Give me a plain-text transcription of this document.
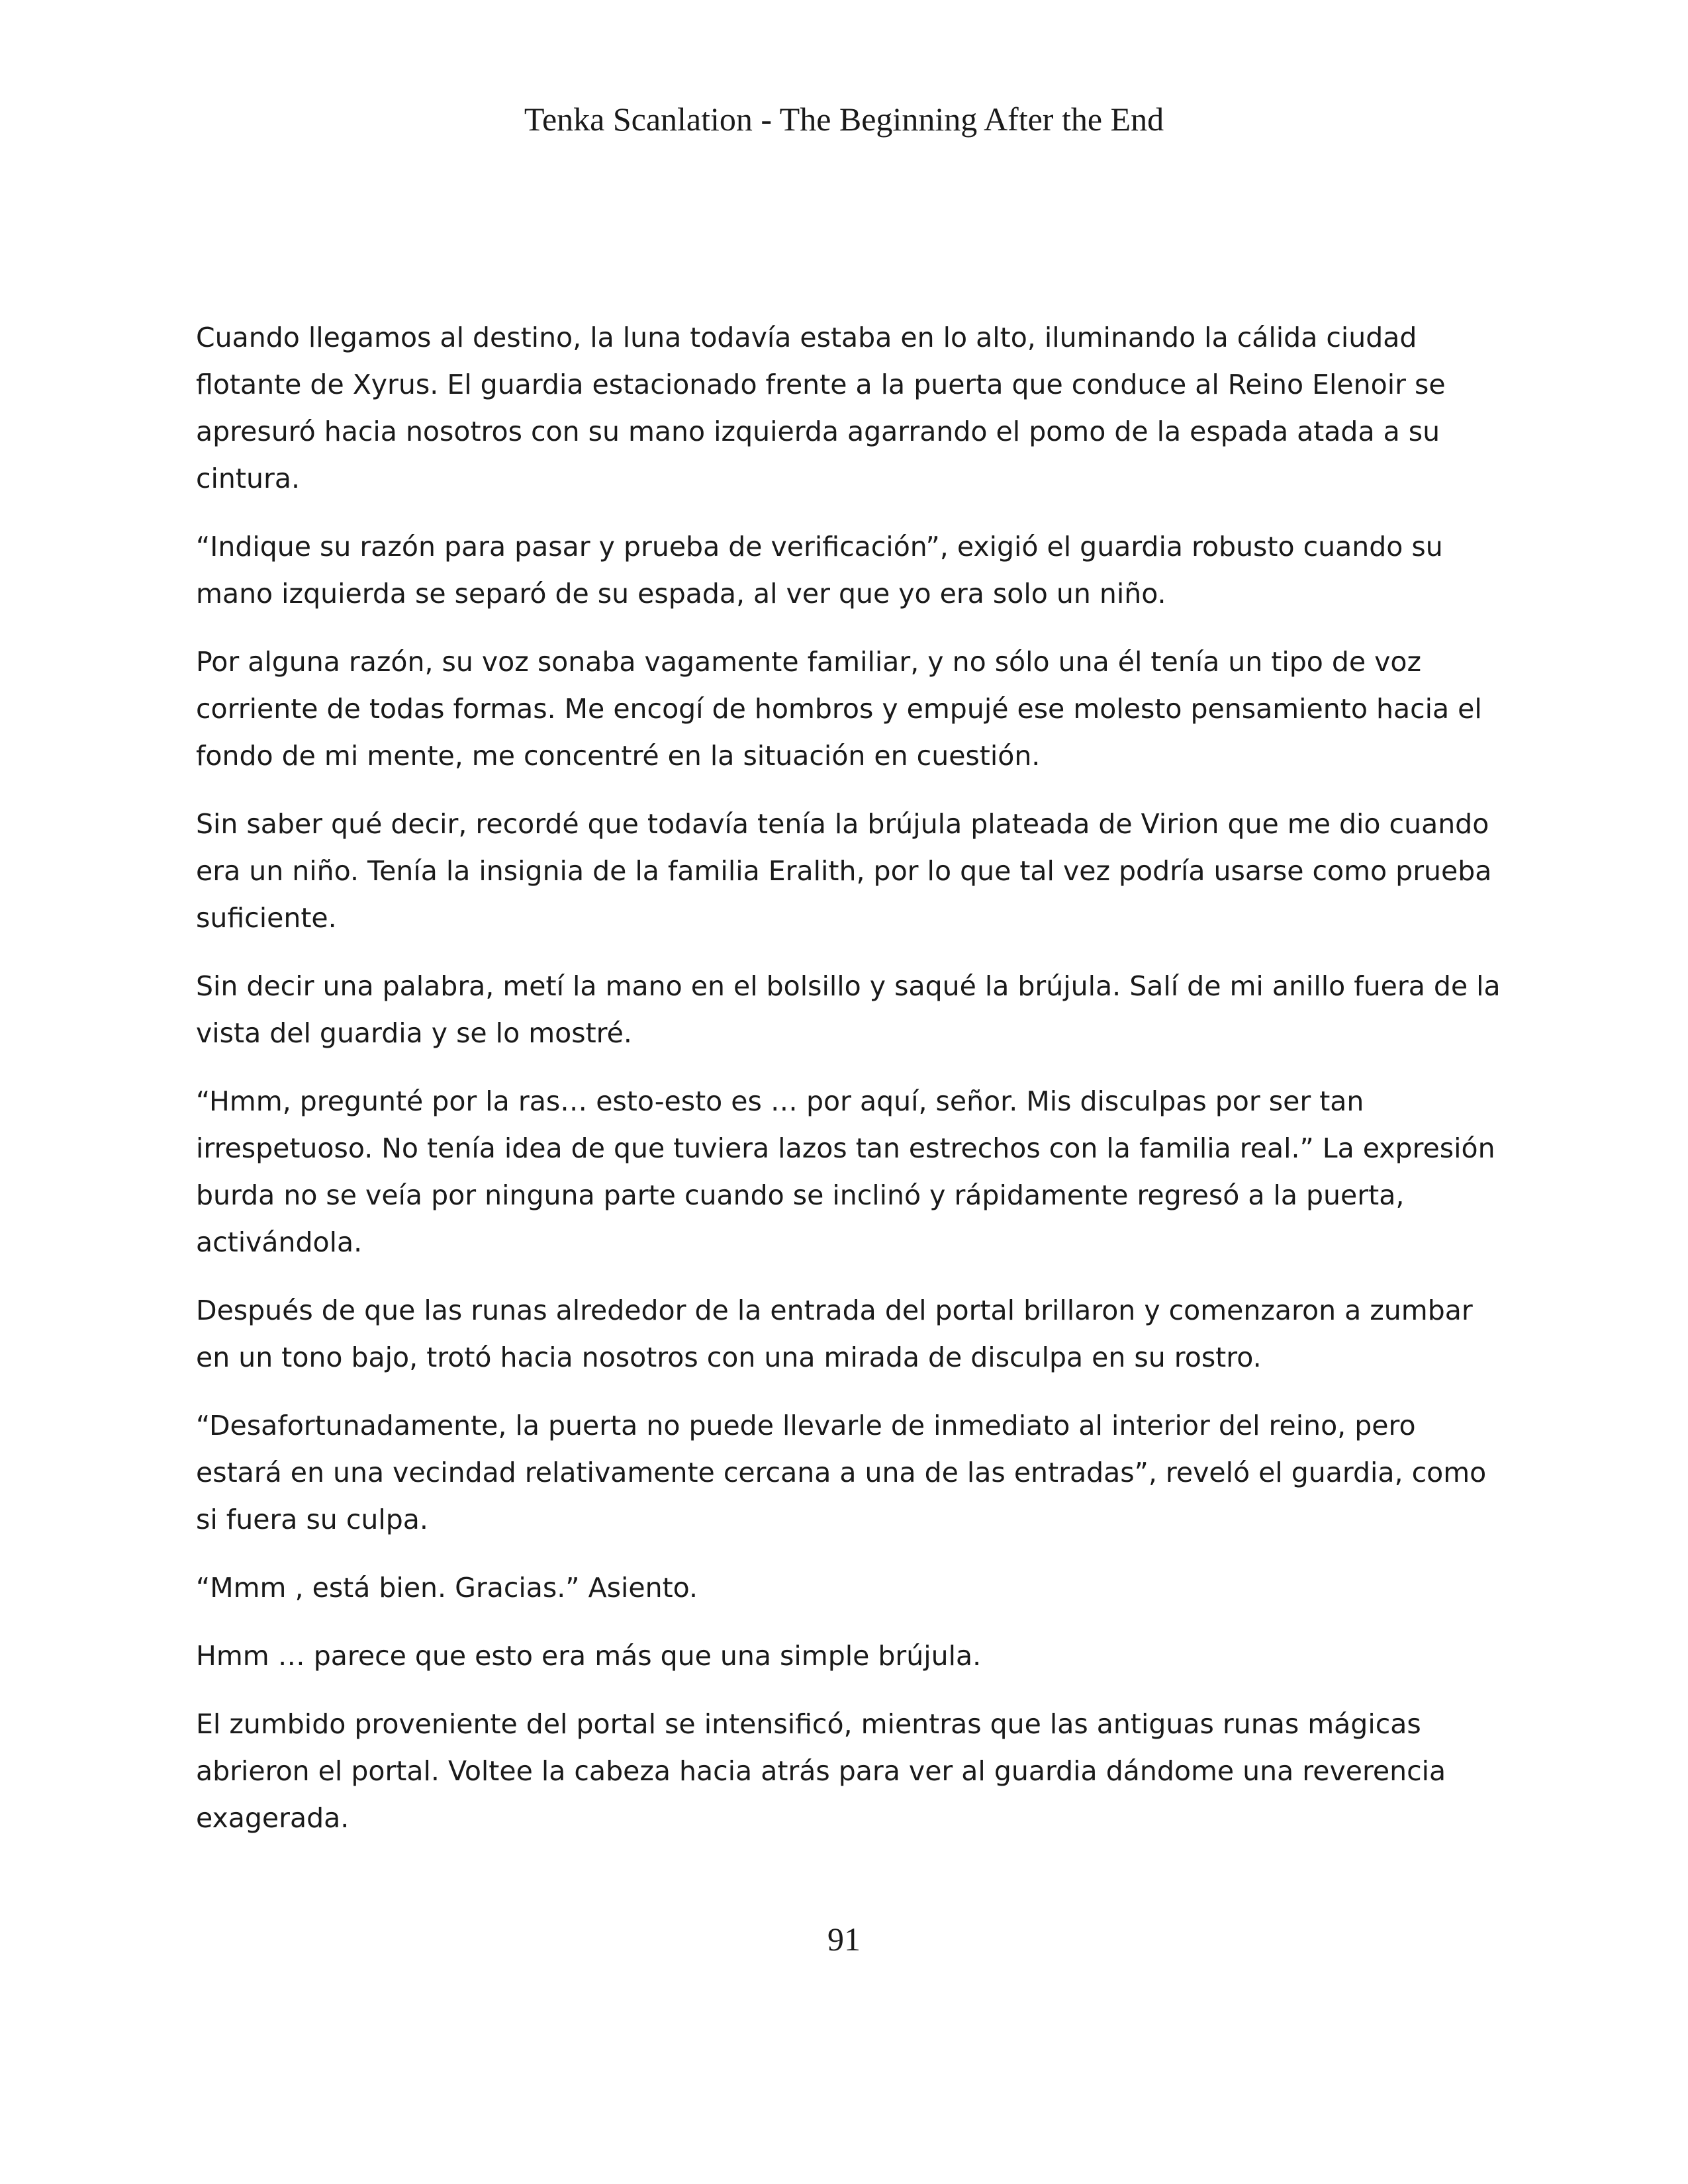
Tenka Scanlation - The Beginning After the End

Cuando llegamos al destino, la luna todavía estaba en lo alto, iluminando la cálida ciudad flotante de Xyrus. El guardia estacionado frente a la puerta que conduce al Reino Elenoir se apresuró hacia nosotros con su mano izquierda agarrando el pomo de la espada atada a su cintura.

“Indique su razón para pasar y prueba de verificación”, exigió el guardia robusto cuando su mano izquierda se separó de su espada, al ver que yo era solo un niño.

Por alguna razón, su voz sonaba vagamente familiar, y no sólo una él tenía un tipo de voz corriente de todas formas. Me encogí de hombros y empujé ese molesto pensamiento hacia el fondo de mi mente, me concentré en la situación en cuestión.

Sin saber qué decir, recordé que todavía tenía la brújula plateada de Virion que me dio cuando era un niño. Tenía la insignia de la familia Eralith, por lo que tal vez podría usarse como prueba suficiente.

Sin decir una palabra, metí la mano en el bolsillo y saqué la brújula. Salí de mi anillo fuera de la vista del guardia y se lo mostré.

“Hmm, pregunté por la ras… esto-esto es … por aquí, señor. Mis disculpas por ser tan irrespetuoso. No tenía idea de que tuviera lazos tan estrechos con la familia real.” La expresión burda no se veía por ninguna parte cuando se inclinó y rápidamente regresó a la puerta, activándola.

Después de que las runas alrededor de la entrada del portal brillaron y comenzaron a zumbar en un tono bajo, trotó hacia nosotros con una mirada de disculpa en su rostro.

“Desafortunadamente, la puerta no puede llevarle de inmediato al interior del reino, pero estará en una vecindad relativamente cercana a una de las entradas”, reveló el guardia, como si fuera su culpa.

“Mmm , está bien. Gracias.” Asiento.

Hmm … parece que esto era más que una simple brújula.

El zumbido proveniente del portal se intensificó, mientras que las antiguas runas mágicas abrieron el portal. Voltee la cabeza hacia atrás para ver al guardia dándome una reverencia exagerada.

91
